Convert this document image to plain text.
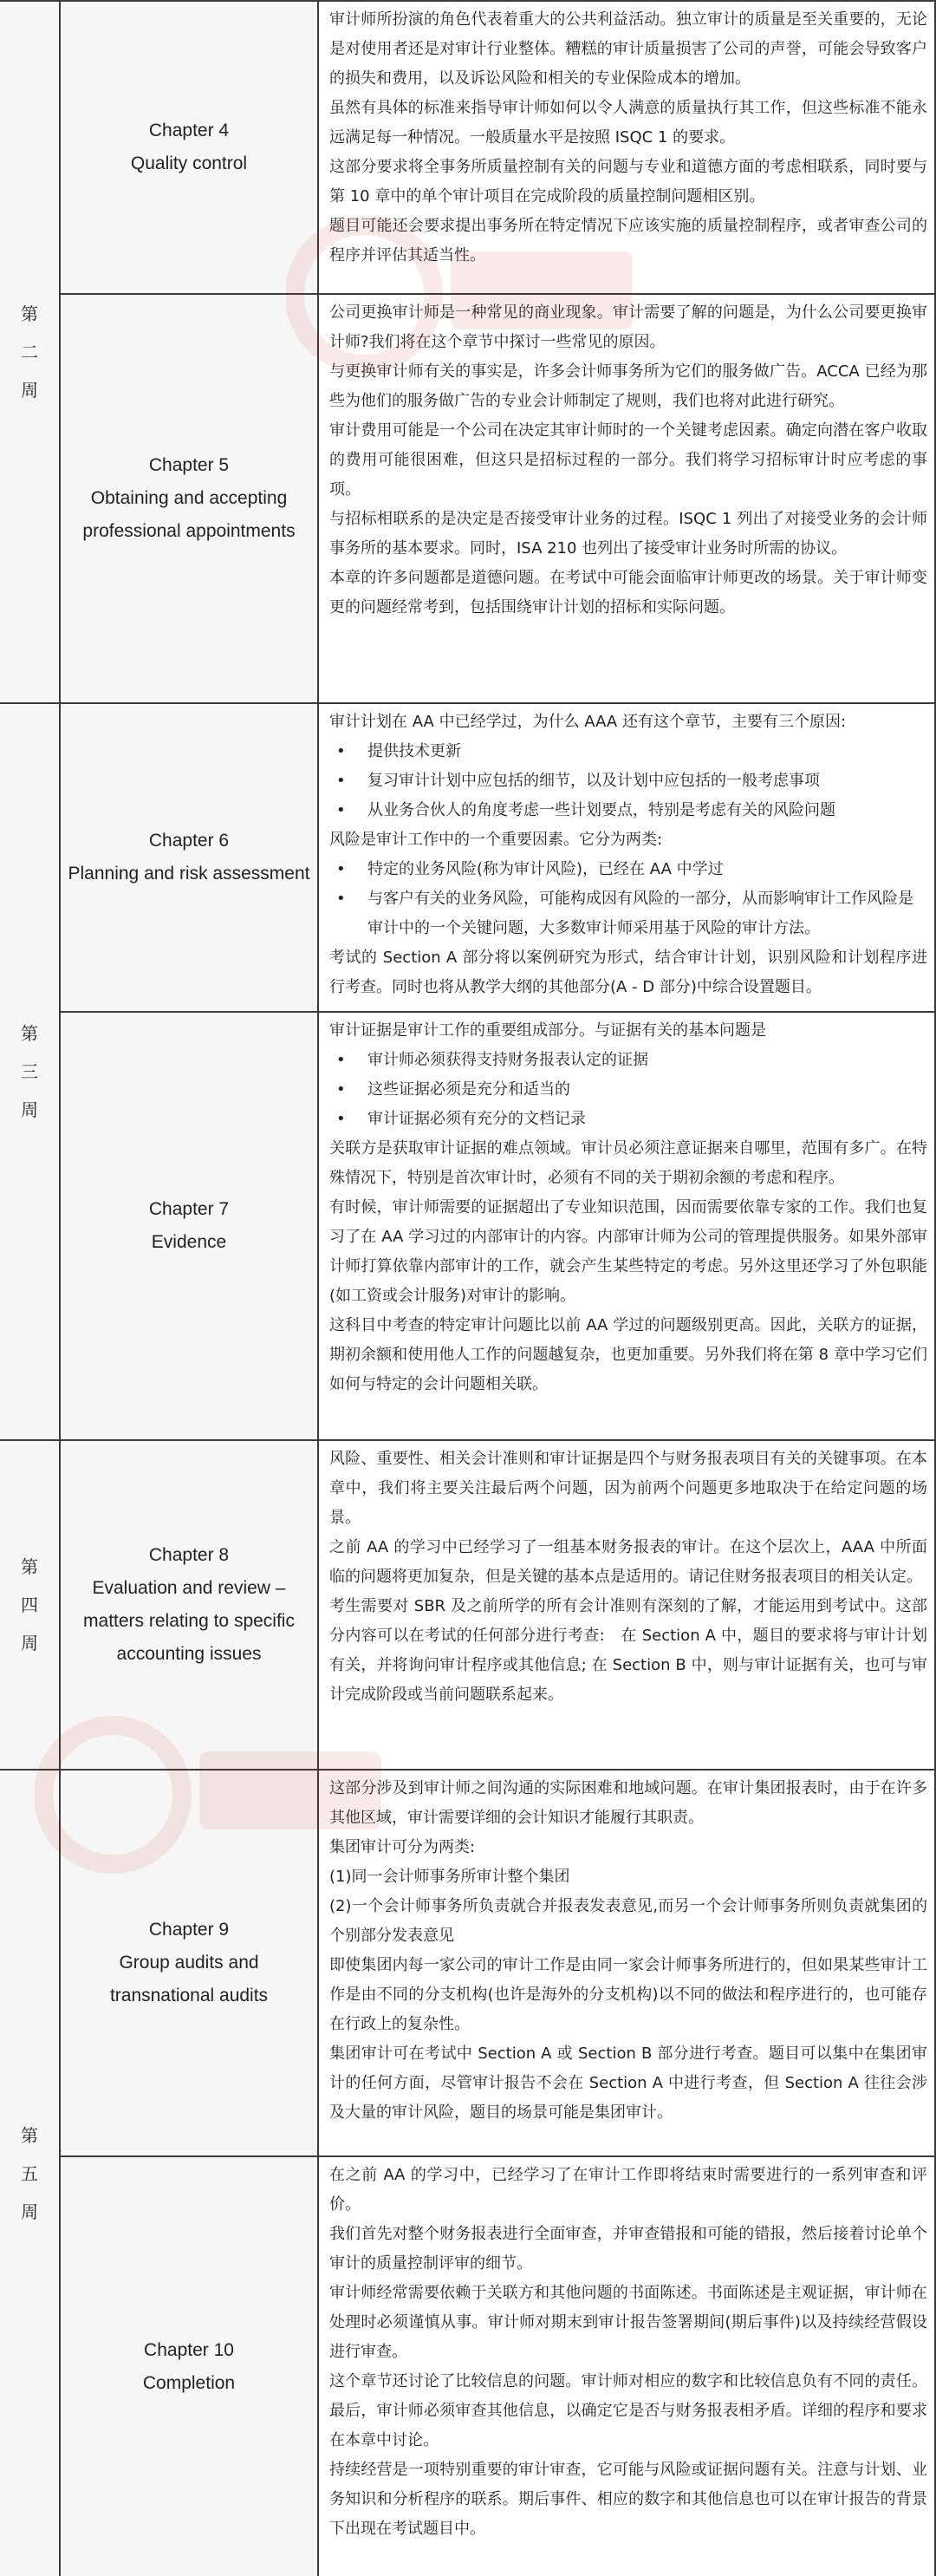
第
二
周
第
三
周
第
四
周
第
五
周
Chapter 4
Quality control

审计师所扮演的角色代表着重大的公共利益活动。独立审计的质量是至关重要的，无论是对使用者还是对审计行业整体。糟糕的审计质量损害了公司的声誉，可能会导致客户的损失和费用，以及诉讼风险和相关的专业保险成本的增加。

虽然有具体的标准来指导审计师如何以令人满意的质量执行其工作，但这些标准不能永远满足每一种情况。一般质量水平是按照 ISQC 1 的要求。

这部分要求将全事务所质量控制有关的问题与专业和道德方面的考虑相联系，同时要与第 10 章中的单个审计项目在完成阶段的质量控制问题相区别。

题目可能还会要求提出事务所在特定情况下应该实施的质量控制程序，或者审查公司的程序并评估其适当性。

Chapter 5
Obtaining and accepting
professional appointments

公司更换审计师是一种常见的商业现象。审计需要了解的问题是，为什么公司要更换审计师?我们将在这个章节中探讨一些常见的原因。

与更换审计师有关的事实是，许多会计师事务所为它们的服务做广告。ACCA 已经为那些为他们的服务做广告的专业会计师制定了规则，我们也将对此进行研究。

审计费用可能是一个公司在决定其审计师时的一个关键考虑因素。确定向潜在客户收取的费用可能很困难，但这只是招标过程的一部分。我们将学习招标审计时应考虑的事项。

与招标相联系的是决定是否接受审计业务的过程。ISQC 1 列出了对接受业务的会计师事务所的基本要求。同时，ISA 210 也列出了接受审计业务时所需的协议。

本章的许多问题都是道德问题。在考试中可能会面临审计师更改的场景。关于审计师变更的问题经常考到，包括围绕审计计划的招标和实际问题。

Chapter 6
Planning and risk assessment

审计计划在 AA 中已经学过，为什么 AAA 还有这个章节，主要有三个原因:

• 提供技术更新

• 复习审计计划中应包括的细节，以及计划中应包括的一般考虑事项

• 从业务合伙人的角度考虑一些计划要点，特别是考虑有关的风险问题

风险是审计工作中的一个重要因素。它分为两类:

• 特定的业务风险(称为审计风险)，已经在 AA 中学过

• 与客户有关的业务风险，可能构成因有风险的一部分，从而影响审计工作风险是审计中的一个关键问题，大多数审计师采用基于风险的审计方法。

考试的 Section A 部分将以案例研究为形式，结合审计计划，识别风险和计划程序进行考查。同时也将从教学大纲的其他部分(A - D 部分)中综合设置题目。

Chapter 7
Evidence

审计证据是审计工作的重要组成部分。与证据有关的基本问题是

• 审计师必须获得支持财务报表认定的证据

• 这些证据必须是充分和适当的

• 审计证据必须有充分的文档记录

关联方是获取审计证据的难点领域。审计员必须注意证据来自哪里，范围有多广。在特殊情况下，特别是首次审计时，必须有不同的关于期初余额的考虑和程序。

有时候，审计师需要的证据超出了专业知识范围，因而需要依靠专家的工作。我们也复习了在 AA 学习过的内部审计的内容。内部审计师为公司的管理提供服务。如果外部审计师打算依靠内部审计的工作，就会产生某些特定的考虑。另外这里还学习了外包职能(如工资或会计服务)对审计的影响。

这科目中考查的特定审计问题比以前 AA 学过的问题级别更高。因此，关联方的证据，期初余额和使用他人工作的问题越复杂，也更加重要。另外我们将在第 8 章中学习它们如何与特定的会计问题相关联。

Chapter 8
Evaluation and review –
matters relating to specific
accounting issues

风险、重要性、相关会计准则和审计证据是四个与财务报表项目有关的关键事项。在本章中，我们将主要关注最后两个问题，因为前两个问题更多地取决于在给定问题的场景。

之前 AA 的学习中已经学习了一组基本财务报表的审计。在这个层次上，AAA 中所面临的问题将更加复杂，但是关键的基本点是适用的。请记住财务报表项目的相关认定。

考生需要对 SBR 及之前所学的所有会计准则有深刻的了解，才能运用到考试中。这部分内容可以在考试的任何部分进行考查:　在 Section A 中，题目的要求将与审计计划有关，并将询问审计程序或其他信息; 在 Section B 中，则与审计证据有关，也可与审计完成阶段或当前问题联系起来。

Chapter 9
Group audits and
transnational audits

这部分涉及到审计师之间沟通的实际困难和地域问题。在审计集团报表时，由于在许多其他区域，审计需要详细的会计知识才能履行其职责。

集团审计可分为两类:

(1)同一会计师事务所审计整个集团

(2)一个会计师事务所负责就合并报表发表意见,而另一个会计师事务所则负责就集团的个别部分发表意见

即使集团内每一家公司的审计工作是由同一家会计师事务所进行的，但如果某些审计工作是由不同的分支机构(也许是海外的分支机构)以不同的做法和程序进行的，也可能存在行政上的复杂性。

集团审计可在考试中 Section A 或 Section B 部分进行考查。题目可以集中在集团审计的任何方面，尽管审计报告不会在 Section A 中进行考查，但 Section A 往往会涉及大量的审计风险，题目的场景可能是集团审计。

Chapter 10
Completion

在之前 AA 的学习中，已经学习了在审计工作即将结束时需要进行的一系列审查和评价。

我们首先对整个财务报表进行全面审查，并审查错报和可能的错报，然后接着讨论单个审计的质量控制评审的细节。

审计师经常需要依赖于关联方和其他问题的书面陈述。书面陈述是主观证据，审计师在处理时必须谨慎从事。审计师对期末到审计报告签署期间(期后事件)以及持续经营假设进行审查。

这个章节还讨论了比较信息的问题。审计师对相应的数字和比较信息负有不同的责任。最后，审计师必须审查其他信息，以确定它是否与财务报表相矛盾。详细的程序和要求在本章中讨论。

持续经营是一项特别重要的审计审查，它可能与风险或证据问题有关。注意与计划、业务知识和分析程序的联系。期后事件、相应的数字和其他信息也可以在审计报告的背景下出现在考试题目中。
